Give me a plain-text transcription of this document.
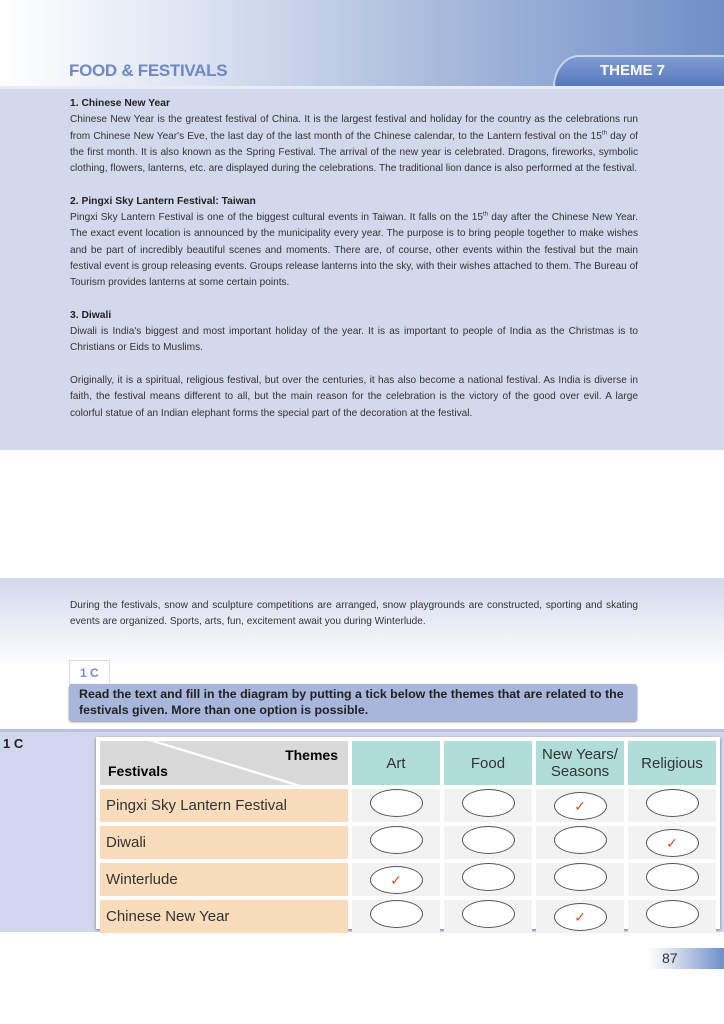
FOOD & FESTIVALS	THEME 7
1. Chinese New Year

Chinese New Year is the greatest festival of China. It is the largest festival and holiday for the country as the celebrations run from Chinese New Year's Eve, the last day of the last month of the Chinese calendar, to the Lantern festival on the 15th day of the first month. It is also known as the Spring Festival. The arrival of the new year is celebrated. Dragons, fireworks, symbolic clothing, flowers, lanterns, etc. are displayed during the celebrations. The traditional lion dance is also performed at the festival.

2. Pingxi Sky Lantern Festival: Taiwan

Pingxi Sky Lantern Festival is one of the biggest cultural events in Taiwan. It falls on the 15th day after the Chinese New Year. The exact event location is announced by the municipality every year. The purpose is to bring people together to make wishes and be part of incredibly beautiful scenes and moments. There are, of course, other events within the festival but the main festival event is group releasing events. Groups release lanterns into the sky, with their wishes attached to them. The Bureau of Tourism provides lanterns at some certain points.

3. Diwali

Diwali is India's biggest and most important holiday of the year. It is as important to people of India as the Christmas is to Christians or Eids to Muslims.

Originally, it is a spiritual, religious festival, but over the centuries, it has also become a national festival. As India is diverse in faith, the festival means different to all, but the main reason for the celebration is the victory of the good over evil. A large colorful statue of an Indian elephant forms the special part of the decoration at the festival.

During the festivals, snow and sculpture competitions are arranged, snow playgrounds are constructed, sporting and skating events are organized. Sports, arts, fun, excitement await you during Winterlude.
1 C
Read the text and fill in the diagram by putting a tick below the themes that are related to the festivals given. More than one option is possible.
1 C
Themes
Festivals	Art	Food	New Years/ Seasons	Religious
Pingxi Sky Lantern Festival			✓	
Diwali				✓
Winterlude	✓			
Chinese New Year			✓	
87
